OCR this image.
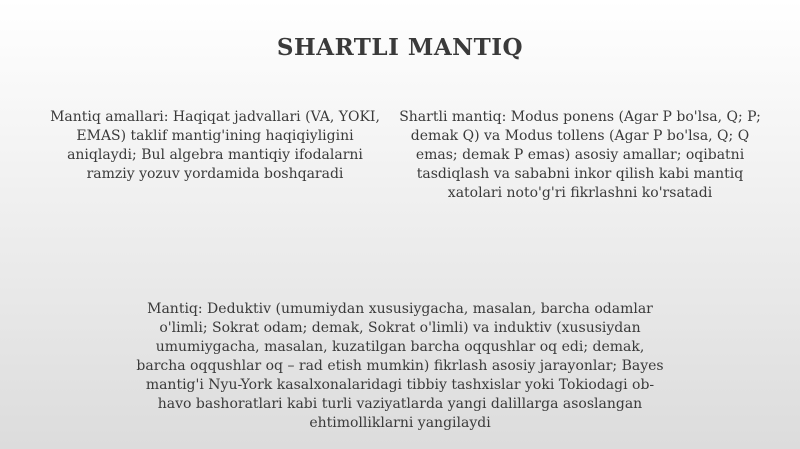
SHARTLI MANTIQ
Mantiq amallari: Haqiqat jadvallari (VA, YOKI, EMAS) taklif mantig'ining haqiqiyligini aniqlaydi; Bul algebra mantiqiy ifodalarni ramziy yozuv yordamida boshqaradi
Shartli mantiq: Modus ponens (Agar P bo'lsa, Q; P; demak Q) va Modus tollens (Agar P bo'lsa, Q; Q emas; demak P emas) asosiy amallar; oqibatni tasdiqlash va sababni inkor qilish kabi mantiq xatolari noto'g'ri fikrlashni ko'rsatadi
Mantiq: Deduktiv (umumiydan xususiygacha, masalan, barcha odamlar o'limli; Sokrat odam; demak, Sokrat o'limli) va induktiv (xususiydan umumiygacha, masalan, kuzatilgan barcha oqqushlar oq edi; demak, barcha oqqushlar oq – rad etish mumkin) fikrlash asosiy jarayonlar; Bayes mantig'i Nyu-York kasalxonalaridagi tibbiy tashxislar yoki Tokiodagi ob-havo bashoratlari kabi turli vaziyatlarda yangi dalillarga asoslangan ehtimolliklarni yangilaydi
